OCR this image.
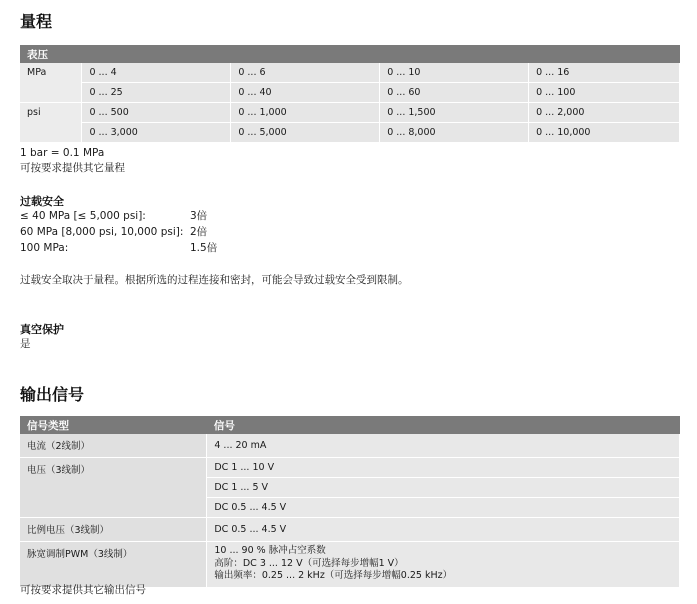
量程
表压				
MPa	0 ... 4	0 ... 6	0 ... 10	0 ... 16
	0 ... 25	0 ... 40	0 ... 60	0 ... 100
psi	0 ... 500	0 ... 1,000	0 ... 1,500	0 ... 2,000
	0 ... 3,000	0 ... 5,000	0 ... 8,000	0 ... 10,000
1 bar = 0.1 MPa
可按要求提供其它量程
过载安全
≤ 40 MPa [≤ 5,000 psi]:	3倍
60 MPa [8,000 psi, 10,000 psi]: 2倍
100 MPa:	1.5倍
过载安全取决于量程。根据所选的过程连接和密封，可能会导致过载安全受到限制。
真空保护
是
输出信号
信号类型	信号
电流（2线制）	4 ... 20 mA
电压（3线制）	DC 1 ... 10 V
	DC 1 ... 5 V
	DC 0.5 ... 4.5 V
比例电压（3线制）	DC 0.5 ... 4.5 V
脉宽调制PWM（3线制）	10 ... 90 % 脉冲占空系数
高阶：DC 3 ... 12 V（可选择每步增幅1 V）
输出频率：0.25 ... 2 kHz（可选择每步增幅0.25 kHz）
可按要求提供其它输出信号
